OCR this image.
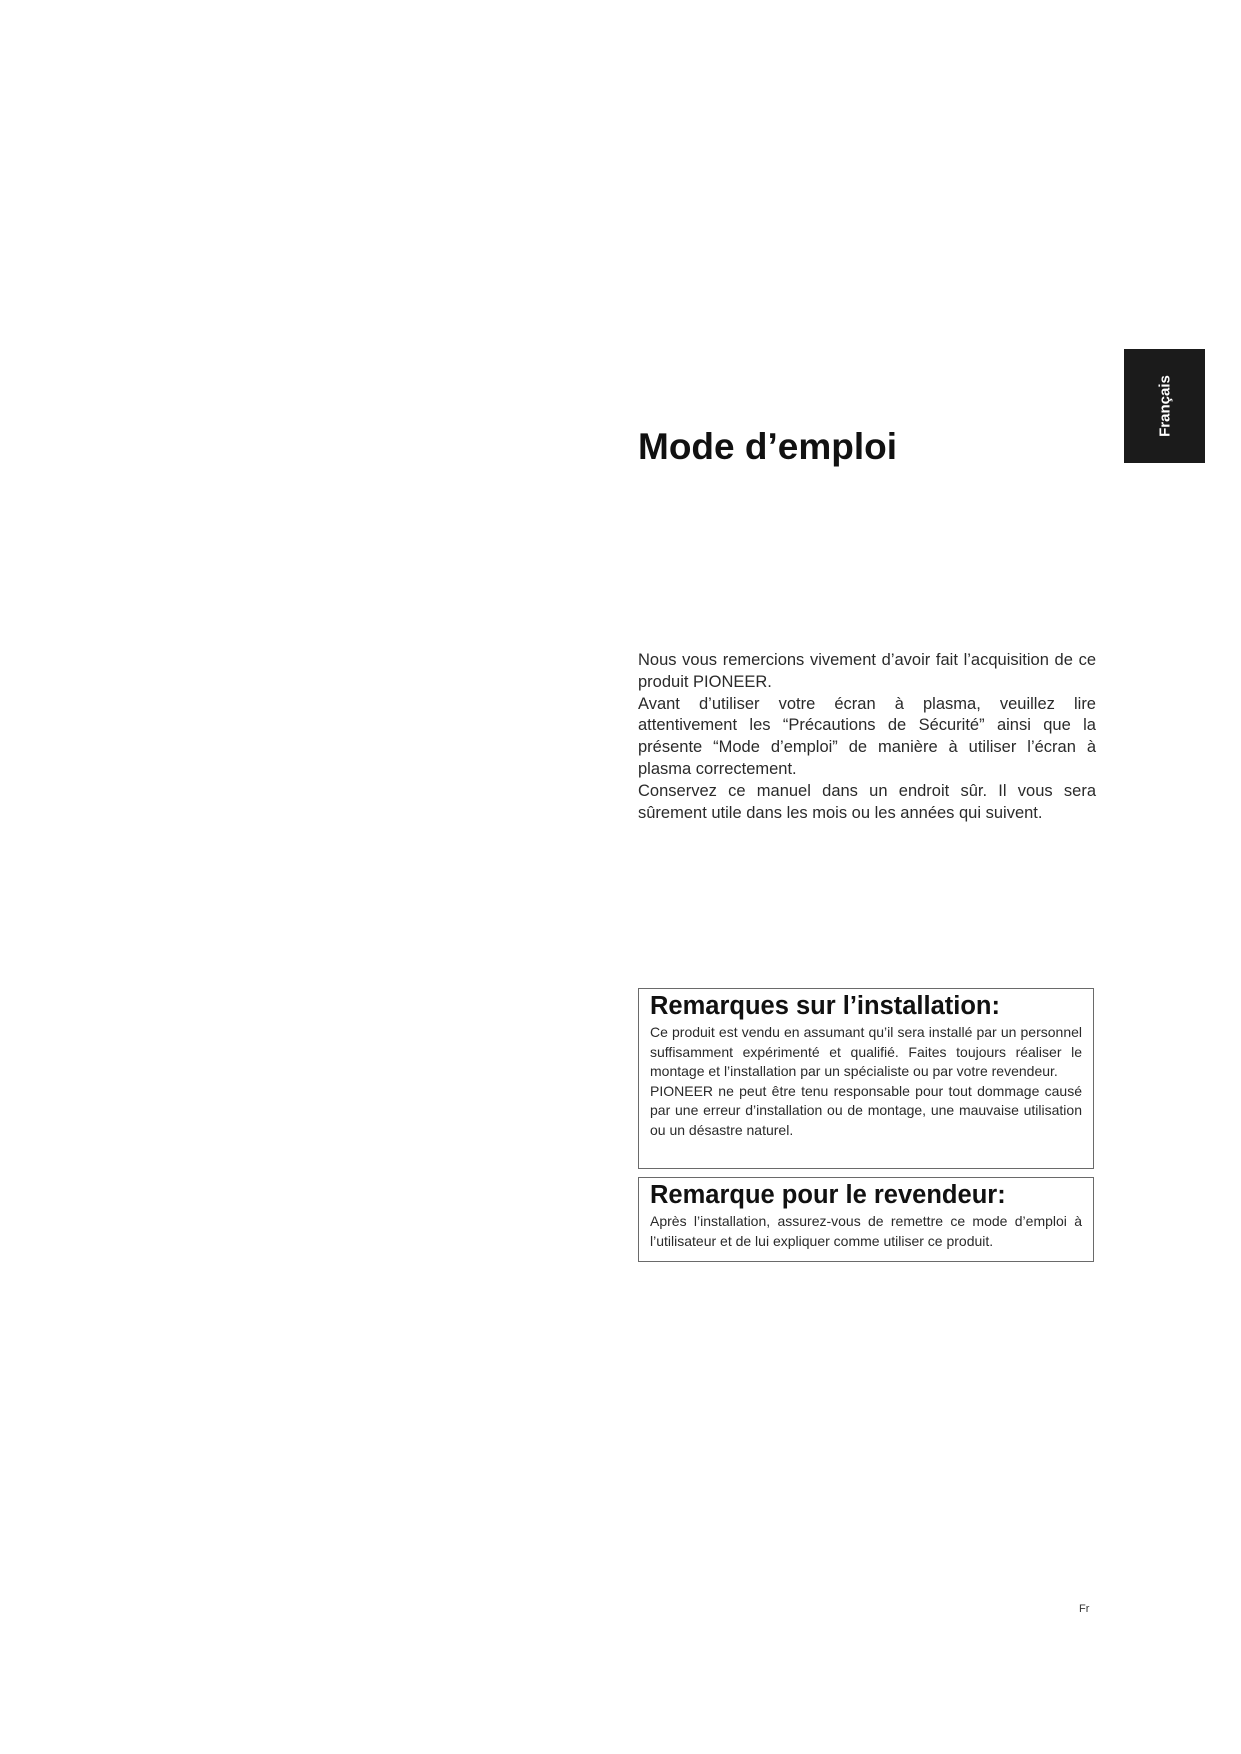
Français
Mode d’emploi

Nous vous remercions vivement d’avoir fait l’acquisition de ce produit PIONEER.

Avant d’utiliser votre écran à plasma, veuillez lire attentivement les “Précautions de Sécurité” ainsi que la présente “Mode d’emploi” de manière à utiliser l’écran à plasma correctement.

Conservez ce manuel dans un endroit sûr. Il vous sera sûrement utile dans les mois ou les années qui suivent.

Remarques sur l’installation:

Ce produit est vendu en assumant qu’il sera installé par un personnel suffisamment expérimenté et qualifié. Faites toujours réaliser le montage et l’installation par un spécialiste ou par votre revendeur.

PIONEER ne peut être tenu responsable pour tout dommage causé par une erreur d’installation ou de montage, une mauvaise utilisation ou un désastre naturel.

Remarque pour le revendeur:

Après l’installation, assurez-vous de remettre ce mode d’emploi à l’utilisateur et de lui expliquer comme utiliser ce produit.

Fr
